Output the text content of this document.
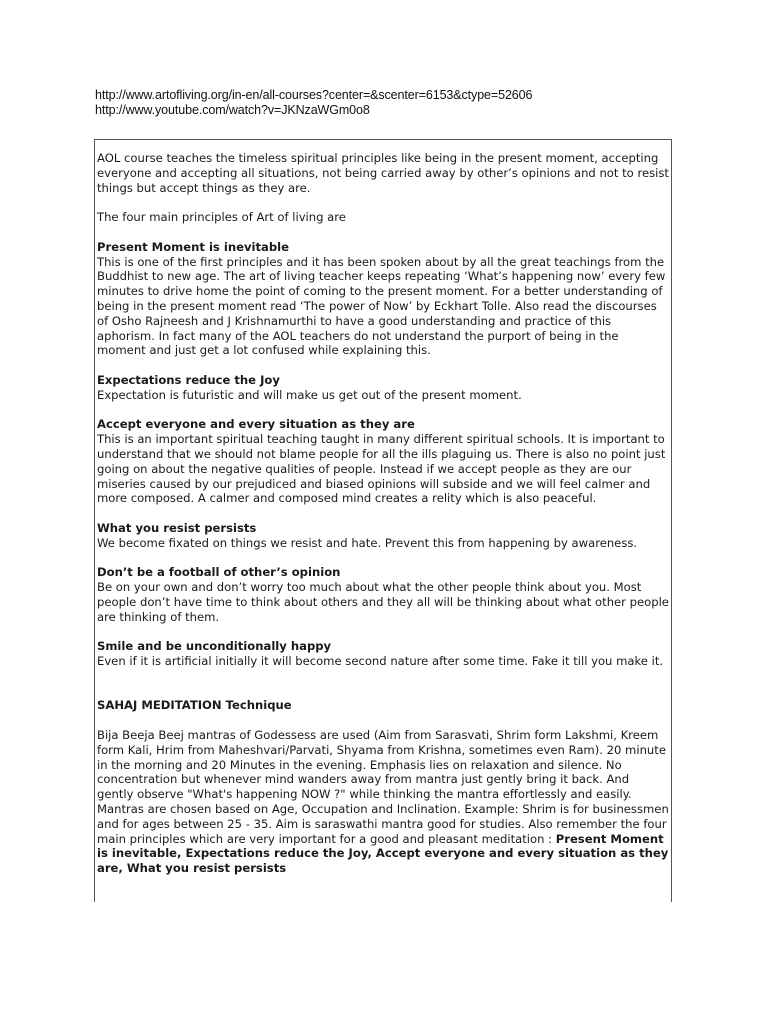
http://www.artofliving.org/in-en/all-courses?center=&scenter=6153&ctype=52606
http://www.youtube.com/watch?v=JKNzaWGm0o8

AOL course teaches the timeless spiritual principles like being in the present moment, accepting everyone and accepting all situations, not being carried away by other’s opinions and not to resist things but accept things as they are.

The four main principles of Art of living are

Present Moment is inevitable
This is one of the first principles and it has been spoken about by all the great teachings from the Buddhist to new age. The art of living teacher keeps repeating ‘What’s happening now’ every few minutes to drive home the point of coming to the present moment. For a better understanding of being in the present moment read ‘The power of Now’ by Eckhart Tolle. Also read the discourses of Osho Rajneesh and J Krishnamurthi to have a good understanding and practice of this aphorism. In fact many of the AOL teachers do not understand the purport of being in the moment and just get a lot confused while explaining this.

Expectations reduce the Joy
Expectation is futuristic and will make us get out of the present moment.

Accept everyone and every situation as they are
This is an important spiritual teaching taught in many different spiritual schools. It is important to understand that we should not blame people for all the ills plaguing us. There is also no point just going on about the negative qualities of people. Instead if we accept people as they are our miseries caused by our prejudiced and biased opinions will subside and we will feel calmer and more composed. A calmer and composed mind creates a relity which is also peaceful.

What you resist persists
We become fixated on things we resist and hate. Prevent this from happening by awareness.

Don’t be a football of other’s opinion
Be on your own and don’t worry too much about what the other people think about you. Most people don’t have time to think about others and they all will be thinking about what other people are thinking of them.

Smile and be unconditionally happy
Even if it is artificial initially it will become second nature after some time. Fake it till you make it.

SAHAJ MEDITATION Technique

Bija Beeja Beej mantras of Godessess are used (Aim from Sarasvati, Shrim form Lakshmi, Kreem form Kali, Hrim from Maheshvari/Parvati, Shyama from Krishna, sometimes even Ram). 20 minute in the morning and 20 Minutes in the evening. Emphasis lies on relaxation and silence. No concentration but whenever mind wanders away from mantra just gently bring it back. And gently observe "What's happening NOW ?" while thinking the mantra effortlessly and easily. Mantras are chosen based on Age, Occupation and Inclination. Example: Shrim is for businessmen and for ages between 25 - 35. Aim is saraswathi mantra good for studies. Also remember the four main principles which are very important for a good and pleasant meditation : Present Moment is inevitable, Expectations reduce the Joy, Accept everyone and every situation as they are, What you resist persists
